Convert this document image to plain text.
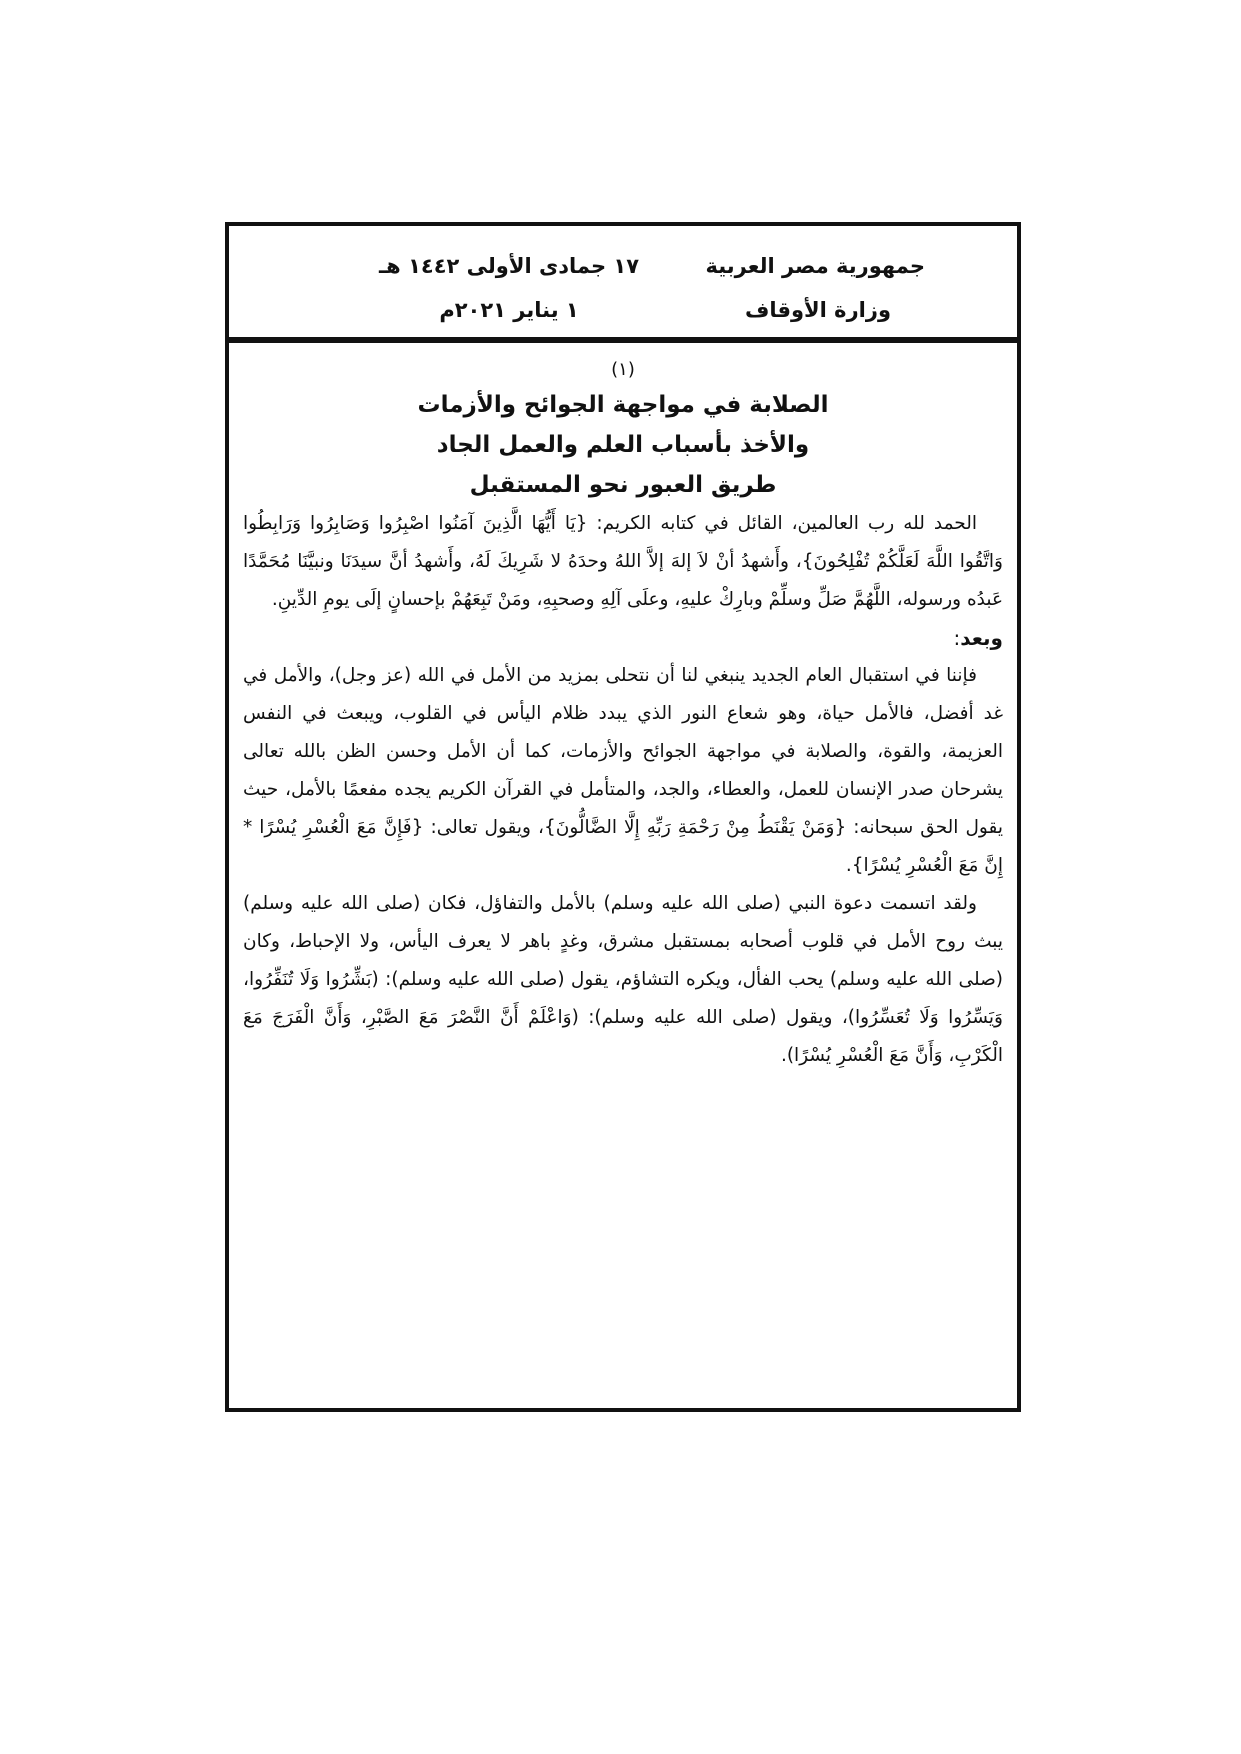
جمهورية مصر العربية
وزارة الأوقاف
١٧ جمادى الأولى ١٤٤٢ هـ
١ يناير ٢٠٢١م
(١)
الصلابة في مواجهة الجوائح والأزمات
والأخذ بأسباب العلم والعمل الجاد
طريق العبور نحو المستقبل

الحمد لله رب العالمين، القائل في كتابه الكريم: {يَا أَيُّهَا الَّذِينَ آمَنُوا اصْبِرُوا وَصَابِرُوا وَرَابِطُوا وَاتَّقُوا اللَّهَ لَعَلَّكُمْ تُفْلِحُونَ}، وأَشهدُ أنْ لاَ إلهَ إلاَّ اللهُ وحدَهُ لا شَرِيكَ لَهُ، وأَشهدُ أنَّ سيدَنَا ونبيَّنَا مُحَمَّدًا عَبدُه ورسوله، اللَّهُمَّ صَلِّ وسلِّمْ وبارِكْ عليهِ، وعلَى آلِهِ وصحبِهِ، ومَنْ تَبِعَهُمْ بإحسانٍ إلَى يومِ الدِّينِ.

وبعد:

فإننا في استقبال العام الجديد ينبغي لنا أن نتحلى بمزيد من الأمل في الله (عز وجل)، والأمل في غد أفضل، فالأمل حياة، وهو شعاع النور الذي يبدد ظلام اليأس في القلوب، ويبعث في النفس العزيمة، والقوة، والصلابة في مواجهة الجوائح والأزمات، كما أن الأمل وحسن الظن بالله تعالى يشرحان صدر الإنسان للعمل، والعطاء، والجد، والمتأمل في القرآن الكريم يجده مفعمًا بالأمل، حيث يقول الحق سبحانه: {وَمَنْ يَقْنَطُ مِنْ رَحْمَةِ رَبِّهِ إِلَّا الضَّالُّونَ}، ويقول تعالى: {فَإِنَّ مَعَ الْعُسْرِ يُسْرًا * إِنَّ مَعَ الْعُسْرِ يُسْرًا}.

ولقد اتسمت دعوة النبي (صلى الله عليه وسلم) بالأمل والتفاؤل، فكان (صلى الله عليه وسلم) يبث روح الأمل في قلوب أصحابه بمستقبل مشرق، وغدٍ باهر لا يعرف اليأس، ولا الإحباط، وكان (صلى الله عليه وسلم) يحب الفأل، ويكره التشاؤم، يقول (صلى الله عليه وسلم): (بَشِّرُوا وَلَا تُنَفِّرُوا، وَيَسِّرُوا وَلَا تُعَسِّرُوا)، ويقول (صلى الله عليه وسلم): (وَاعْلَمْ أَنَّ النَّصْرَ مَعَ الصَّبْرِ، وَأَنَّ الْفَرَجَ مَعَ الْكَرْبِ، وَأَنَّ مَعَ الْعُسْرِ يُسْرًا).
